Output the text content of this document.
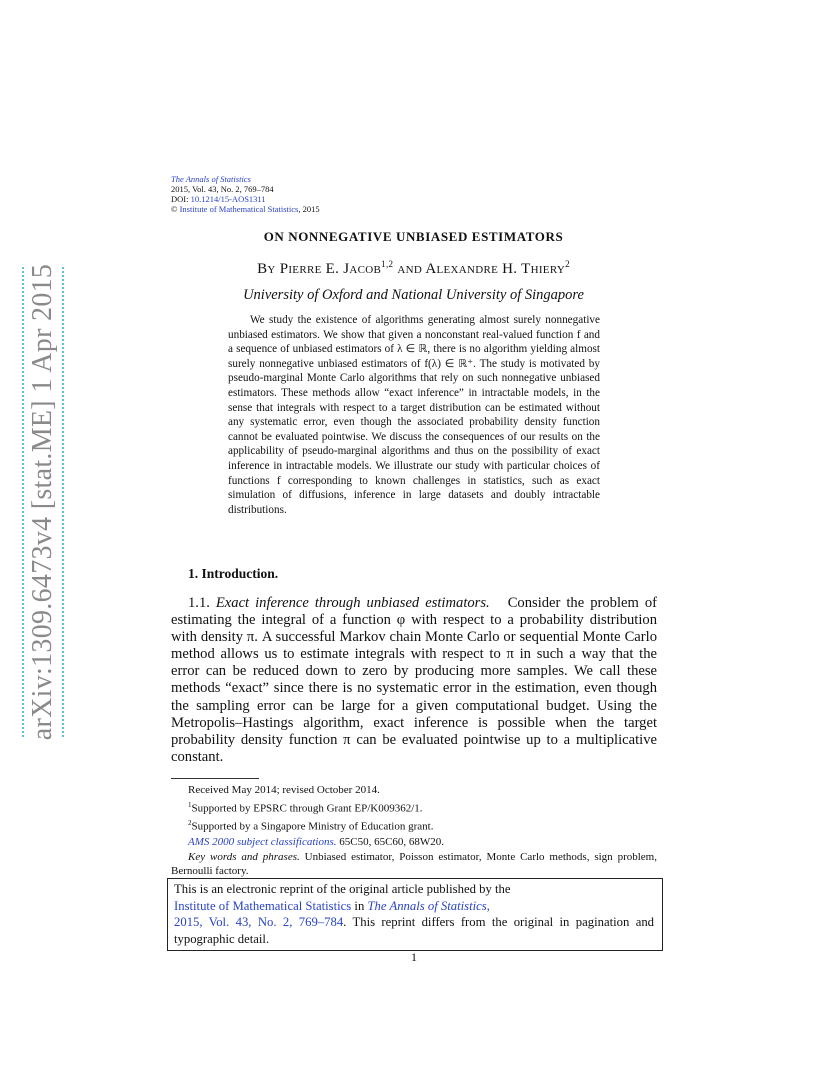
arXiv:1309.6473v4 [stat.ME] 1 Apr 2015
The Annals of Statistics
2015, Vol. 43, No. 2, 769–784
DOI: 10.1214/15-AOS1311
© Institute of Mathematical Statistics, 2015
ON NONNEGATIVE UNBIASED ESTIMATORS
By Pierre E. Jacob$^{1,2}$ and Alexandre H. Thiery$^2$
University of Oxford and National University of Singapore

We study the existence of algorithms generating almost surely nonnegative unbiased estimators. We show that given a nonconstant real-valued function f and a sequence of unbiased estimators of λ ∈ ℝ, there is no algorithm yielding almost surely nonnegative unbiased estimators of f(λ) ∈ ℝ⁺. The study is motivated by pseudo-marginal Monte Carlo algorithms that rely on such nonnegative unbiased estimators. These methods allow “exact inference” in intractable models, in the sense that integrals with respect to a target distribution can be estimated without any systematic error, even though the associated probability density function cannot be evaluated pointwise. We discuss the consequences of our results on the applicability of pseudo-marginal algorithms and thus on the possibility of exact inference in intractable models. We illustrate our study with particular choices of functions f corresponding to known challenges in statistics, such as exact simulation of diffusions, inference in large datasets and doubly intractable distributions.

1. Introduction.

1.1. Exact inference through unbiased estimators. Consider the problem of estimating the integral of a function φ with respect to a probability distribution with density π. A successful Markov chain Monte Carlo or sequential Monte Carlo method allows us to estimate integrals with respect to π in such a way that the error can be reduced down to zero by producing more samples. We call these methods “exact” since there is no systematic error in the estimation, even though the sampling error can be large for a given computational budget. Using the Metropolis–Hastings algorithm, exact inference is possible when the target probability density function π can be evaluated pointwise up to a multiplicative constant.

Received May 2014; revised October 2014.

$^1$Supported by EPSRC through Grant EP/K009362/1.

$^2$Supported by a Singapore Ministry of Education grant.

AMS 2000 subject classifications. 65C50, 65C60, 68W20.

Key words and phrases. Unbiased estimator, Poisson estimator, Monte Carlo methods, sign problem, Bernoulli factory.

This is an electronic reprint of the original article published by the
Institute of Mathematical Statistics in The Annals of Statistics,
2015, Vol. 43, No. 2, 769–784. This reprint differs from the original in pagination and typographic detail.
1
